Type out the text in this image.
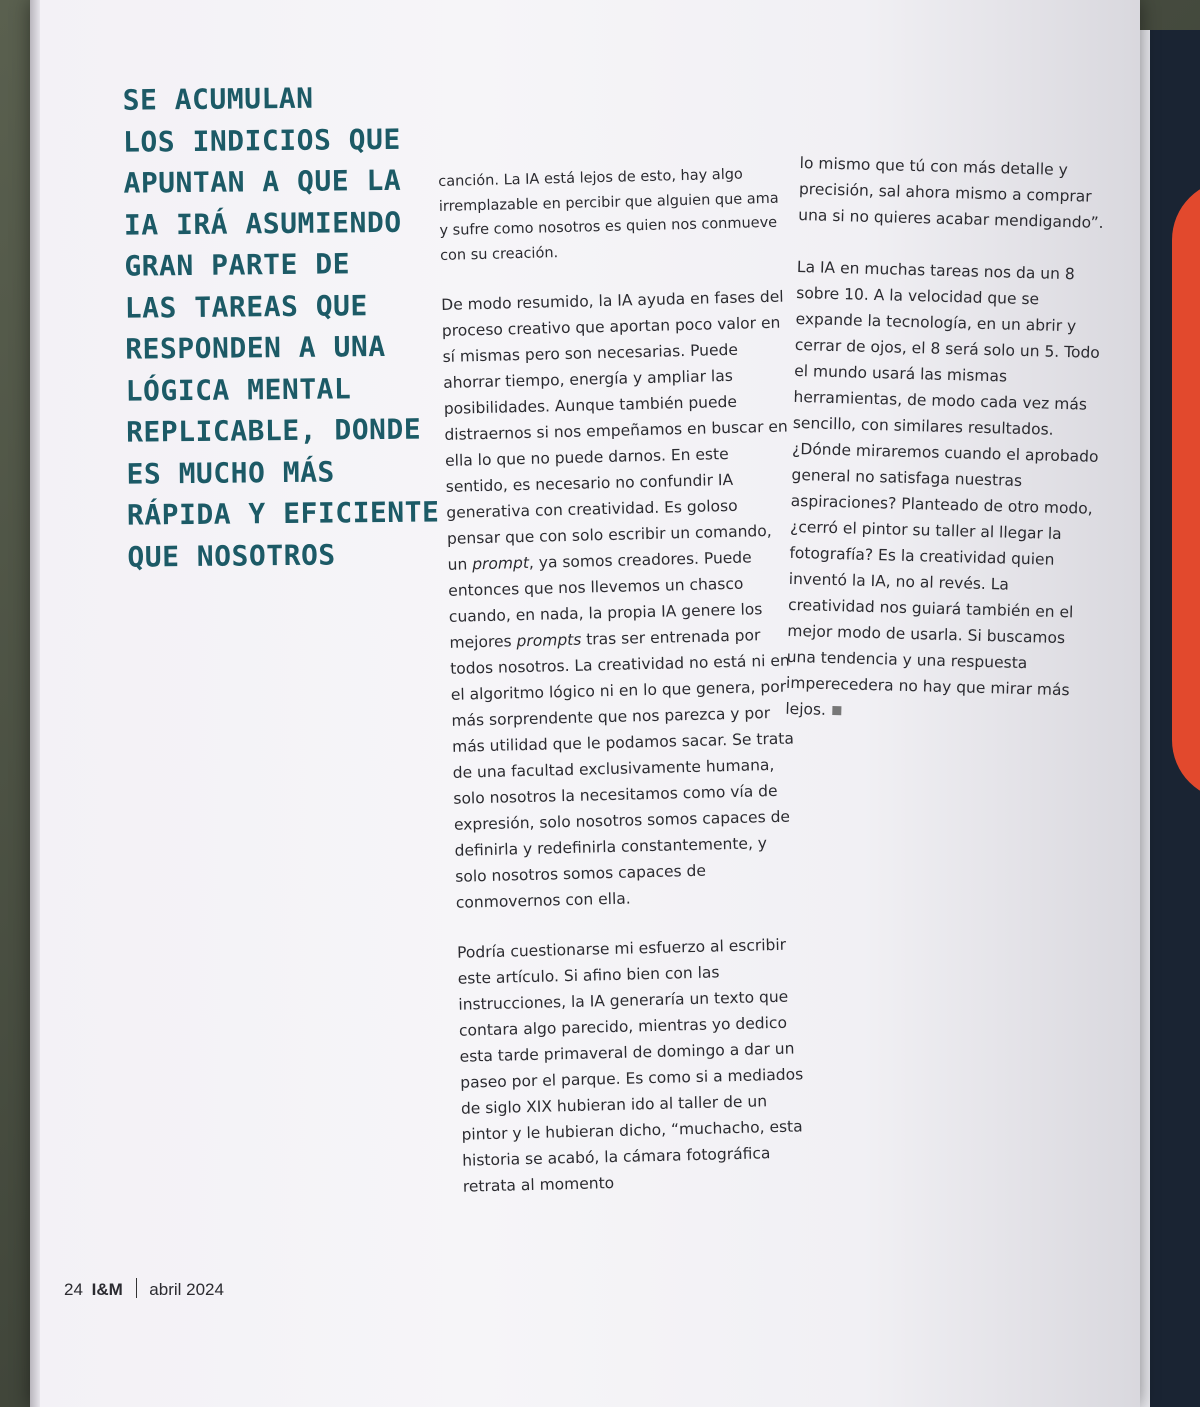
SE ACUMULAN
LOS INDICIOS QUE
APUNTAN A QUE LA
IA IRÁ ASUMIENDO
GRAN PARTE DE
LAS TAREAS QUE
RESPONDEN A UNA
LÓGICA MENTAL
REPLICABLE, DONDE
ES MUCHO MÁS
RÁPIDA Y EFICIENTE
QUE NOSOTROS

canción. La IA está lejos de esto, hay algo irremplazable en percibir que alguien que ama y sufre como nosotros es quien nos conmueve con su creación.

De modo resumido, la IA ayuda en fases del proceso creativo que aportan poco valor en sí mismas pero son necesarias. Puede ahorrar tiempo, energía y ampliar las posibilidades. Aunque también puede distraernos si nos empeñamos en buscar en ella lo que no puede darnos. En este sentido, es necesario no confundir IA generativa con creatividad. Es goloso pensar que con solo escribir un comando, un prompt, ya somos creadores. Puede entonces que nos llevemos un chasco cuando, en nada, la propia IA genere los mejores prompts tras ser entrenada por todos nosotros. La creatividad no está ni en el algoritmo lógico ni en lo que genera, por más sorprendente que nos parezca y por más utilidad que le podamos sacar. Se trata de una facultad exclusivamente humana, solo nosotros la necesitamos como vía de expresión, solo nosotros somos capaces de definirla y redefinirla constantemente, y solo nosotros somos capaces de conmovernos con ella.

Podría cuestionarse mi esfuerzo al escribir este artículo. Si afino bien con las instrucciones, la IA generaría un texto que contara algo parecido, mientras yo dedico esta tarde primaveral de domingo a dar un paseo por el parque. Es como si a mediados de siglo XIX hubieran ido al taller de un pintor y le hubieran dicho, “muchacho, esta historia se acabó, la cámara fotográfica retrata al momento

lo mismo que tú con más detalle y precisión, sal ahora mismo a comprar una si no quieres acabar mendigando”.

La IA en muchas tareas nos da un 8 sobre 10. A la velocidad que se expande la tecnología, en un abrir y cerrar de ojos, el 8 será solo un 5. Todo el mundo usará las mismas herramientas, de modo cada vez más sencillo, con similares resultados. ¿Dónde miraremos cuando el aprobado general no satisfaga nuestras aspiraciones? Planteado de otro modo, ¿cerró el pintor su taller al llegar la fotografía? Es la creatividad quien inventó la IA, no al revés. La creatividad nos guiará también en el mejor modo de usarla. Si buscamos una tendencia y una respuesta imperecedera no hay que mirar más lejos.

24 I&M abril 2024
